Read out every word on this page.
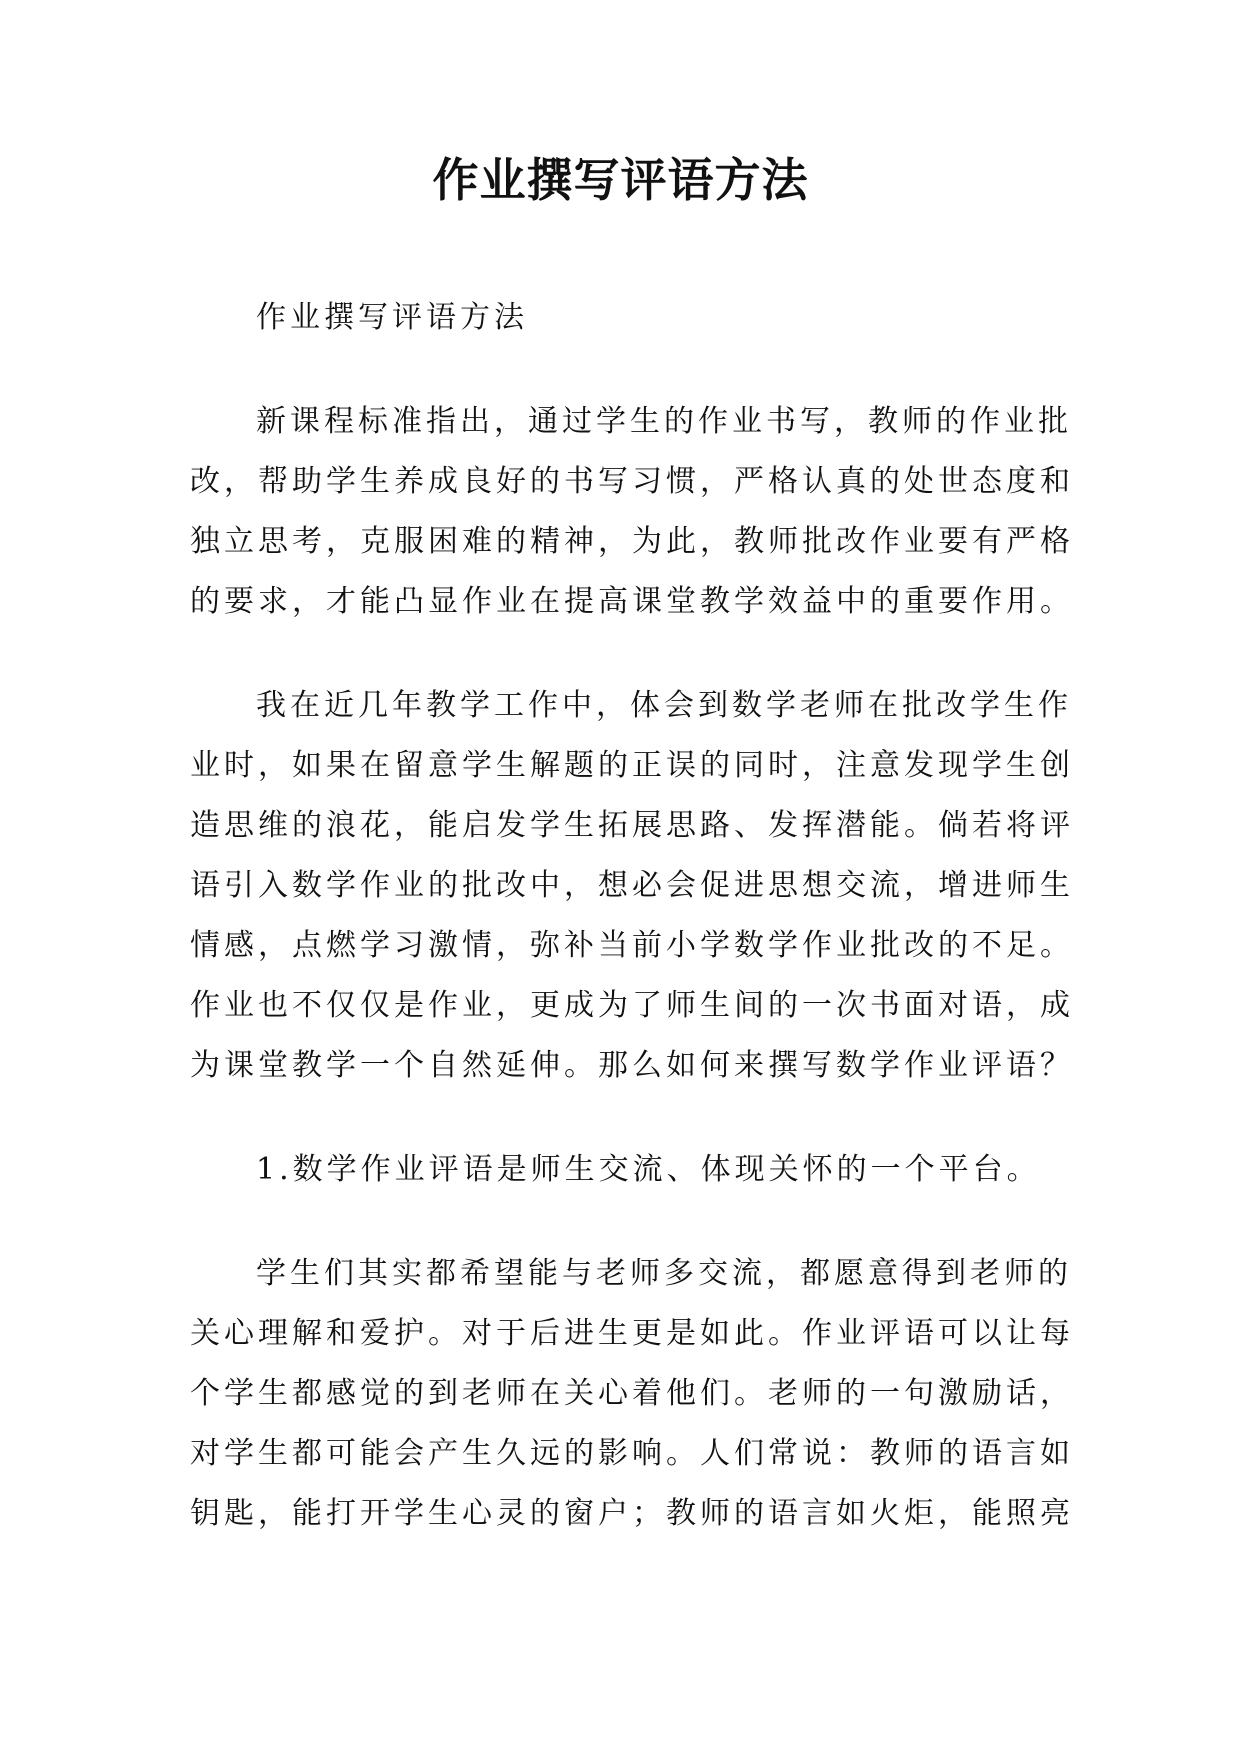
作业撰写评语方法

作业撰写评语方法

新课程标准指出，通过学生的作业书写，教师的作业批
改，帮助学生养成良好的书写习惯，严格认真的处世态度和
独立思考，克服困难的精神，为此，教师批改作业要有严格
的要求，才能凸显作业在提高课堂教学效益中的重要作用。

我在近几年教学工作中，体会到数学老师在批改学生作
业时，如果在留意学生解题的正误的同时，注意发现学生创
造思维的浪花，能启发学生拓展思路、发挥潜能。倘若将评
语引入数学作业的批改中，想必会促进思想交流，增进师生
情感，点燃学习激情，弥补当前小学数学作业批改的不足。
作业也不仅仅是作业，更成为了师生间的一次书面对语，成
为课堂教学一个自然延伸。那么如何来撰写数学作业评语？

1.数学作业评语是师生交流、体现关怀的一个平台。

学生们其实都希望能与老师多交流，都愿意得到老师的
关心理解和爱护。对于后进生更是如此。作业评语可以让每
个学生都感觉的到老师在关心着他们。老师的一句激励话，
对学生都可能会产生久远的影响。人们常说：教师的语言如
钥匙，能打开学生心灵的窗户；教师的语言如火炬，能照亮
